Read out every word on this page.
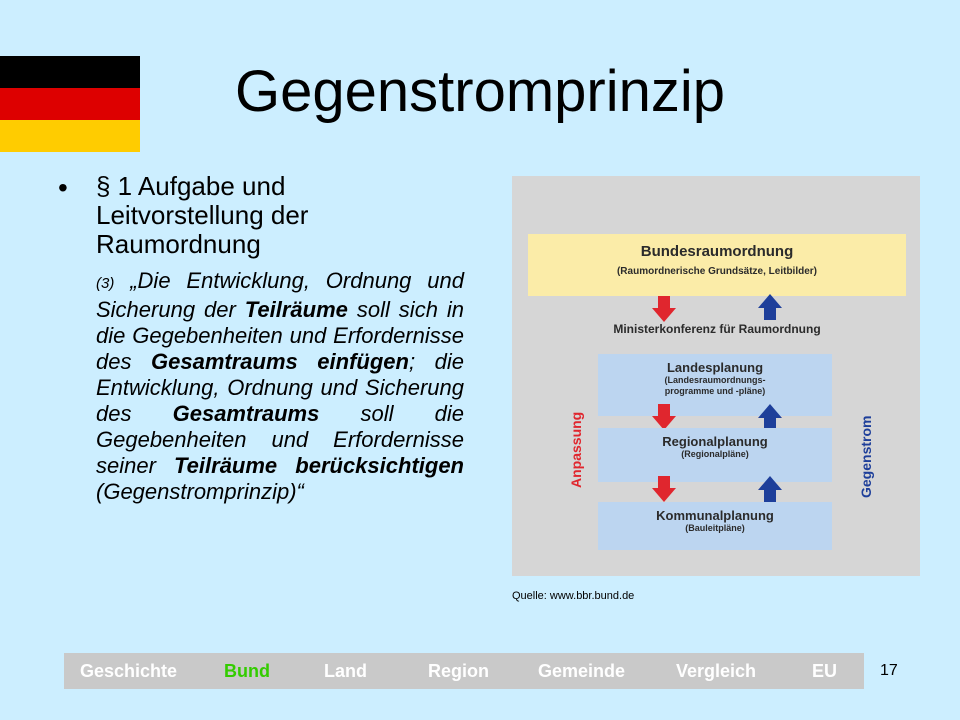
Gegenstromprinzip
• § 1 Aufgabe und Leitvorstellung der Raumordnung
(3) „Die Entwicklung, Ordnung und Sicherung der Teilräume soll sich in die Gegebenheiten und Erfordernisse des Gesamtraums einfügen; die Entwicklung, Ordnung und Sicherung des Gesamtraums soll die Gegebenheiten und Erfordernisse seiner Teilräume berücksichtigen (Gegenstromprinzip)“
Bundesraumordnung
(Raumordnerische Grundsätze, Leitbilder)
Ministerkonferenz für Raumordnung
Landesplanung
(Landesraumordnungs-
programme und -pläne)
Regionalplanung
(Regionalpläne)
Kommunalplanung
(Bauleitpläne)
Anpassung	Gegenstrom
Quelle: www.bbr.bund.de
Geschichte	Bund	Land	Region	Gemeinde	Vergleich	EU	17
